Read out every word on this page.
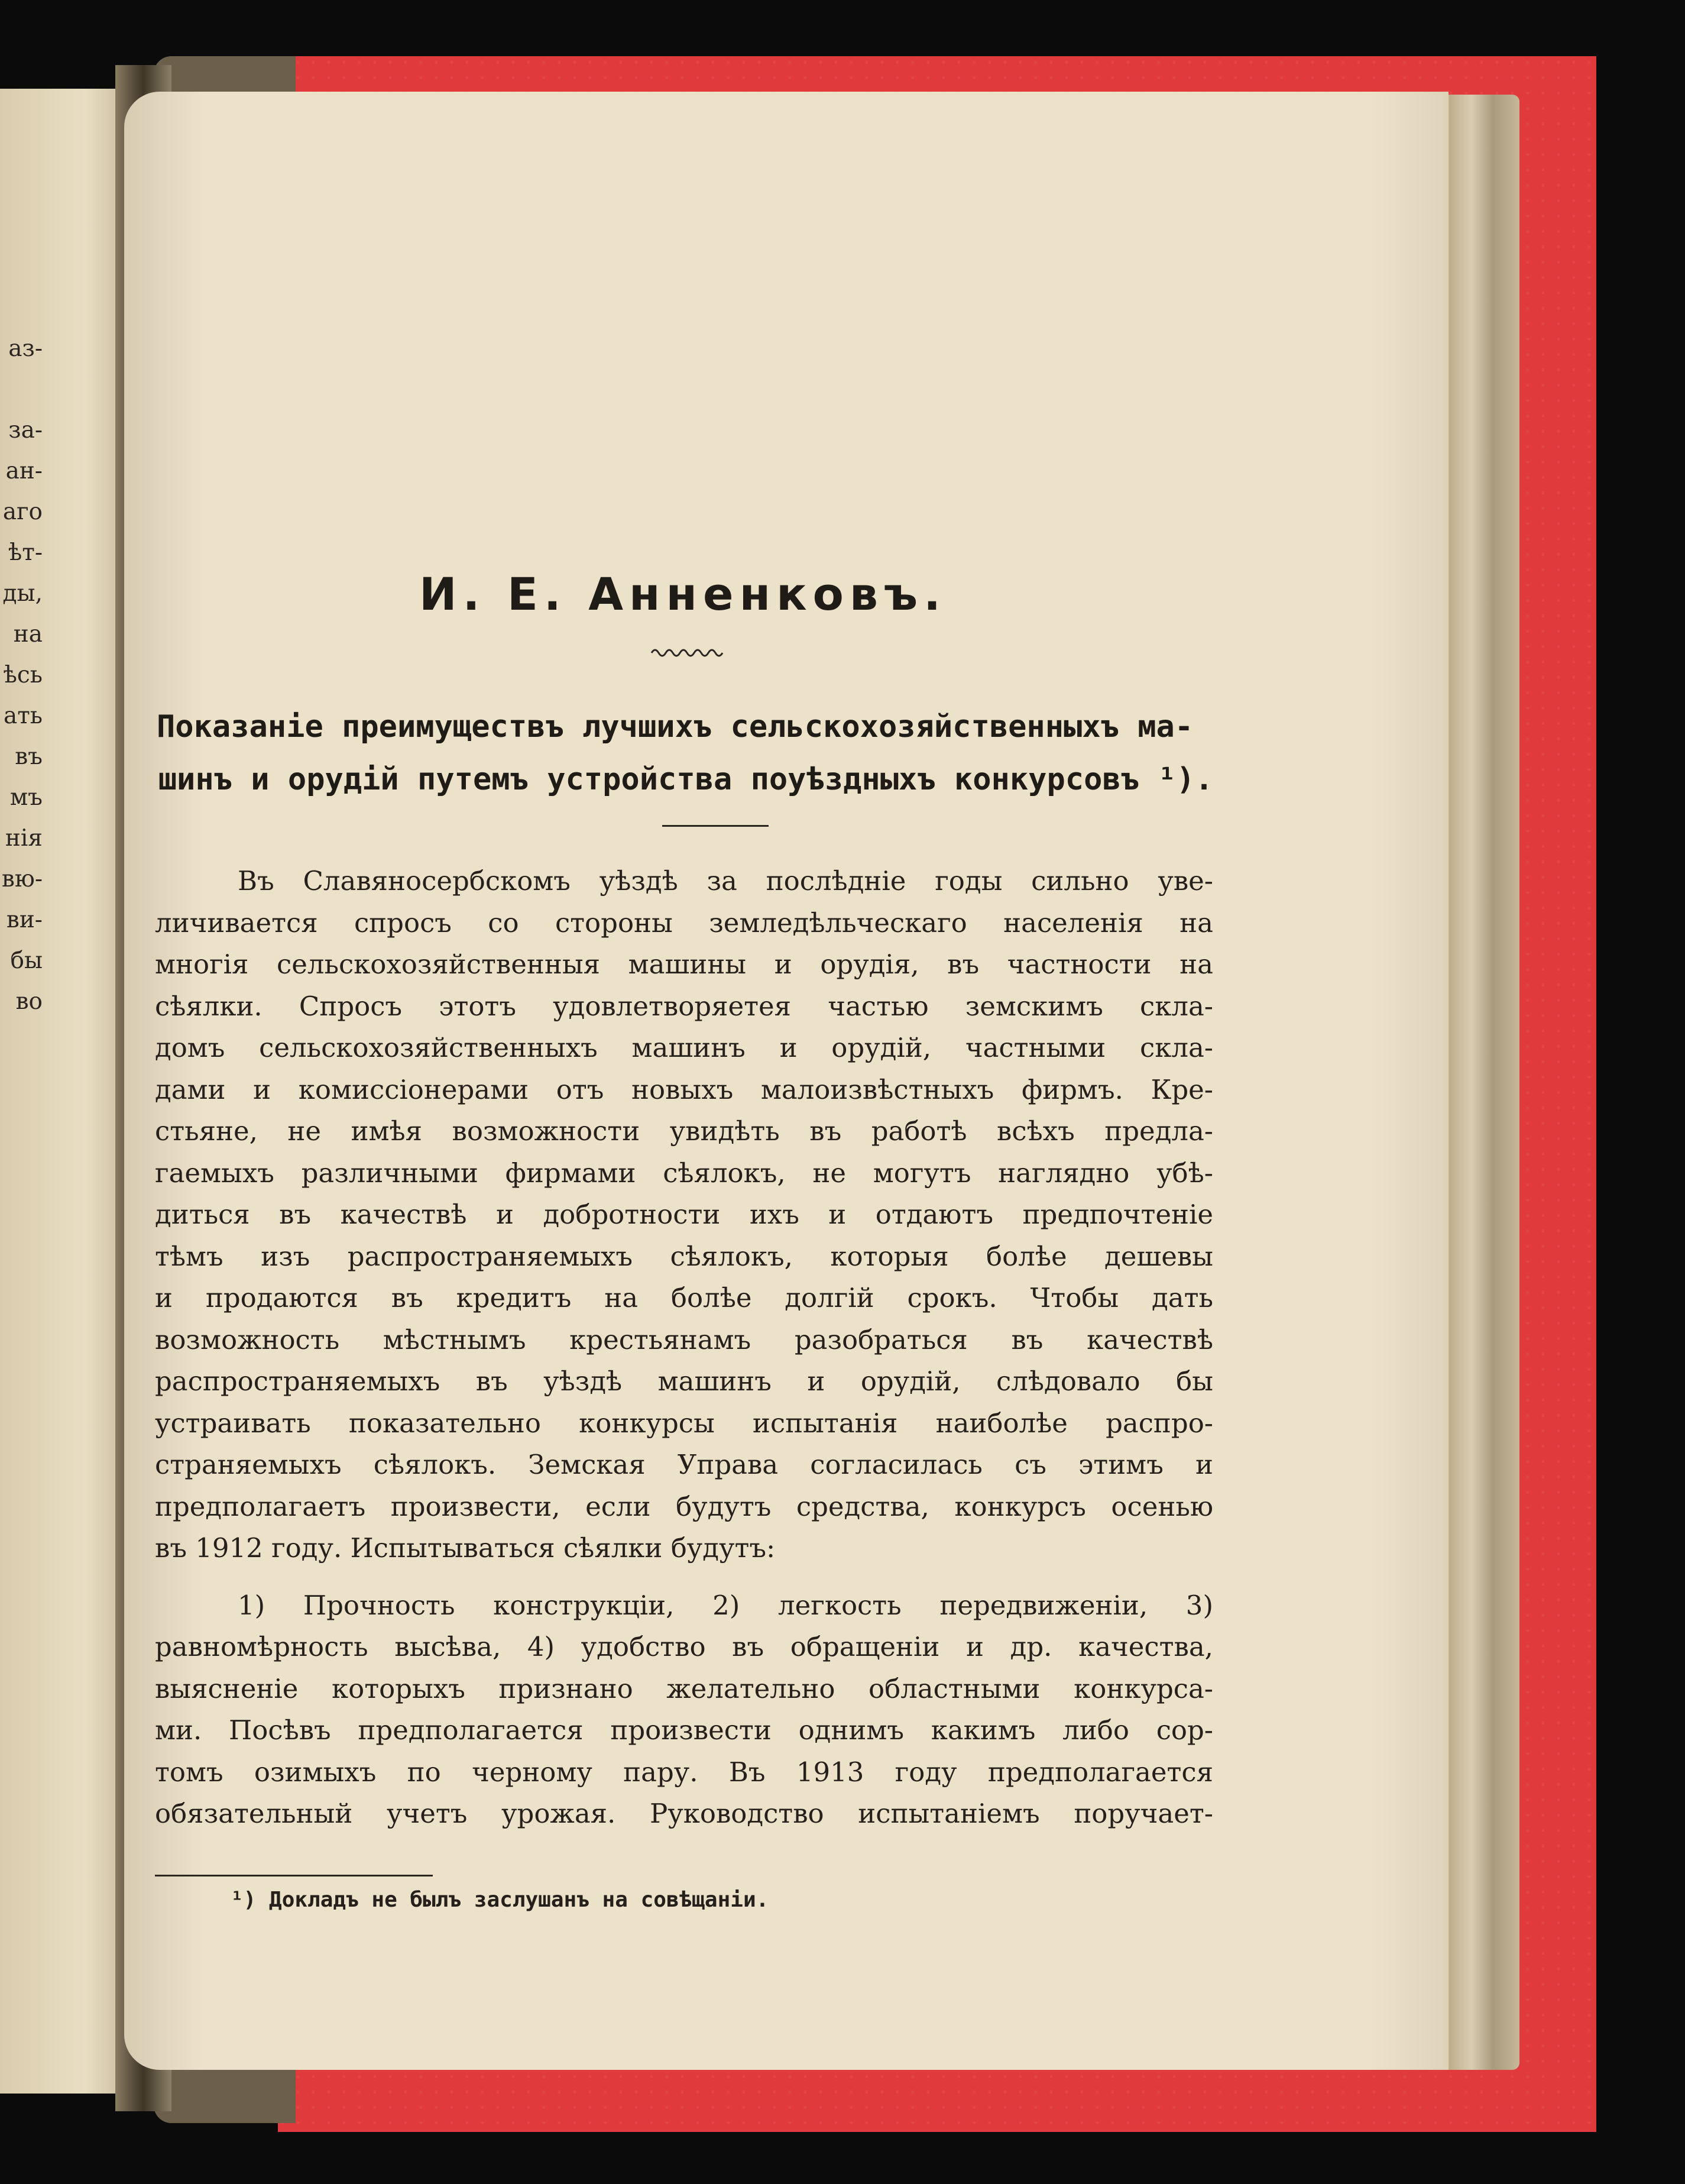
аз-
за-
ан-
аго
ѣт-
ды,
на
ѣсь
ать
въ
мъ
нія
вю-
ви-
бы
во
И. Е. Анненковъ.
Показаніе преимуществъ лучшихъ сельскохозяйственныхъ ма-
шинъ и орудій путемъ устройства поуѣздныхъ конкурсовъ ¹).
Въ Славяносербскомъ уѣздѣ за послѣдніе годы сильно уве-
личивается спросъ со стороны земледѣльческаго населенія на
многія сельскохозяйственныя машины и орудія, въ частности на
сѣялки. Спросъ этотъ удовлетворяетея частью земскимъ скла-
домъ сельскохозяйственныхъ машинъ и орудій, частными скла-
дами и комиссіонерами отъ новыхъ малоизвѣстныхъ фирмъ. Кре-
стьяне, не имѣя возможности увидѣть въ работѣ всѣхъ предла-
гаемыхъ различными фирмами сѣялокъ, не могутъ наглядно убѣ-
диться въ качествѣ и добротности ихъ и отдаютъ предпочтеніе
тѣмъ изъ распространяемыхъ сѣялокъ, которыя болѣе дешевы
и продаются въ кредитъ на болѣе долгій срокъ. Чтобы дать
возможность мѣстнымъ крестьянамъ разобраться въ качествѣ
распространяемыхъ въ уѣздѣ машинъ и орудій, слѣдовало бы
устраивать показательно конкурсы испытанія наиболѣе распро-
страняемыхъ сѣялокъ. Земская Управа согласилась съ этимъ и
предполагаетъ произвести, если будутъ средства, конкурсъ осенью
въ 1912 году. Испытываться сѣялки будутъ:
1) Прочность конструкціи, 2) легкость передвиженіи, 3)
равномѣрность высѣва, 4) удобство въ обращеніи и др. качества,
выясненіе которыхъ признано желательно областными конкурса-
ми. Посѣвъ предполагается произвести однимъ какимъ либо сор-
томъ озимыхъ по черному пару. Въ 1913 году предполагается
обязательный учетъ урожая. Руководство испытаніемъ поручает-
¹) Докладъ не былъ заслушанъ на совѣщаніи.
